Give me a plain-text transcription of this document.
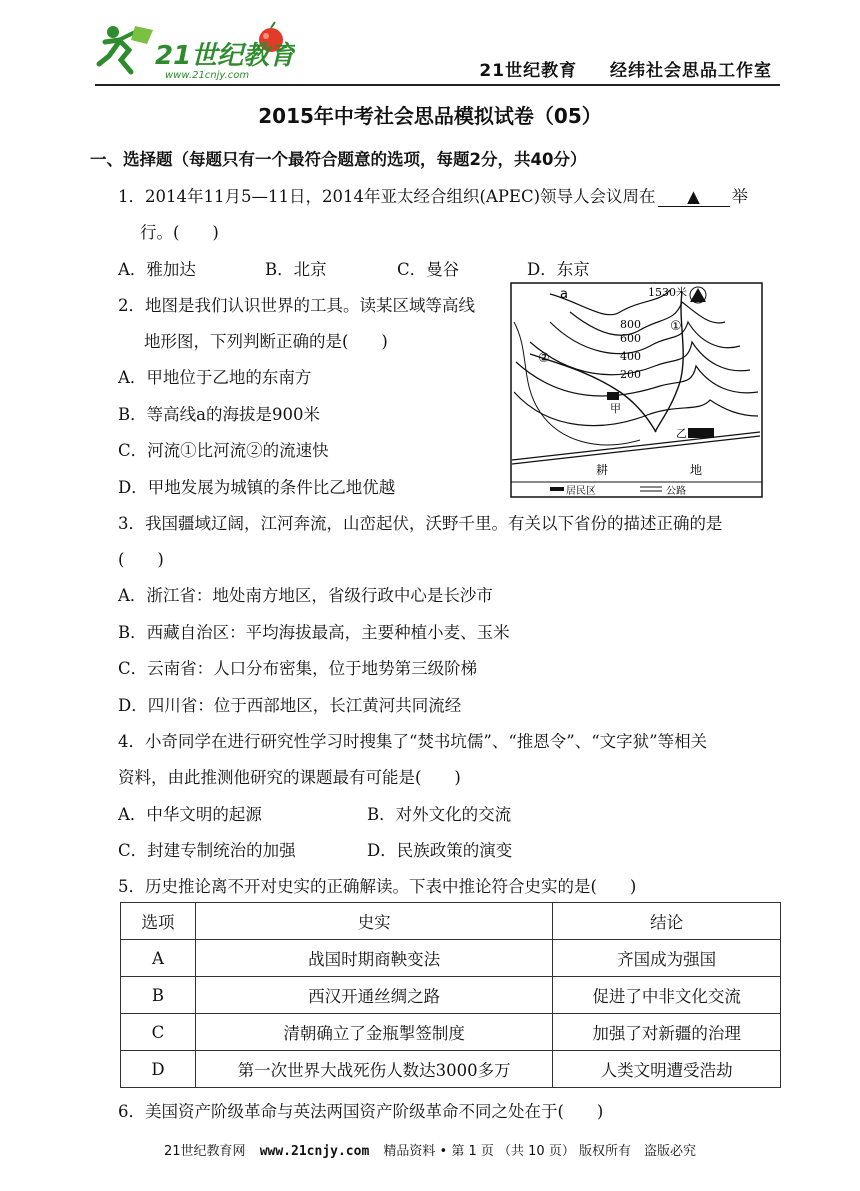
21世纪教育
www.21cnjy.com	21世纪教育 经纬社会思品工作室
2015年中考社会思品模拟试卷（05）
一、选择题（每题只有一个最符合题意的选项，每题2分，共40分）
1．2014年11月5—11日，2014年亚太经合组织(APEC)领导人会议周在 ▲ 举
行。(　　)
A．雅加达	B．北京	C．曼谷	D．东京
2．地图是我们认识世界的工具。读某区域等高线
地形图，下列判断正确的是(　　)
A．甲地位于乙地的东南方
B．等高线a的海拔是900米
C．河流①比河流②的流速快
D．甲地发展为城镇的条件比乙地优越
a	1530米
800
600
400
200
①
②
甲
乙
耕	地
居民区	公路
3．我国疆域辽阔，江河奔流，山峦起伏，沃野千里。有关以下省份的描述正确的是
(　　)
A．浙江省：地处南方地区，省级行政中心是长沙市
B．西藏自治区：平均海拔最高，主要种植小麦、玉米
C．云南省：人口分布密集，位于地势第三级阶梯
D．四川省：位于西部地区，长江黄河共同流经
4．小奇同学在进行研究性学习时搜集了“焚书坑儒”、“推恩令”、“文字狱”等相关
资料，由此推测他研究的课题最有可能是(　　)
A．中华文明的起源	B．对外文化的交流
C．封建专制统治的加强	D．民族政策的演变
5．历史推论离不开对史实的正确解读。下表中推论符合史实的是(　　)
选项	史实	结论
A	战国时期商鞅变法	齐国成为强国
B	西汉开通丝绸之路	促进了中非文化交流
C	清朝确立了金瓶掣签制度	加强了对新疆的治理
D	第一次世界大战死伤人数达3000多万	人类文明遭受浩劫
6．美国资产阶级革命与英法两国资产阶级革命不同之处在于(　　)
21世纪教育网 www.21cnjy.com 精品资料 • 第 1 页 （共 10 页） 版权所有　盗版必究
